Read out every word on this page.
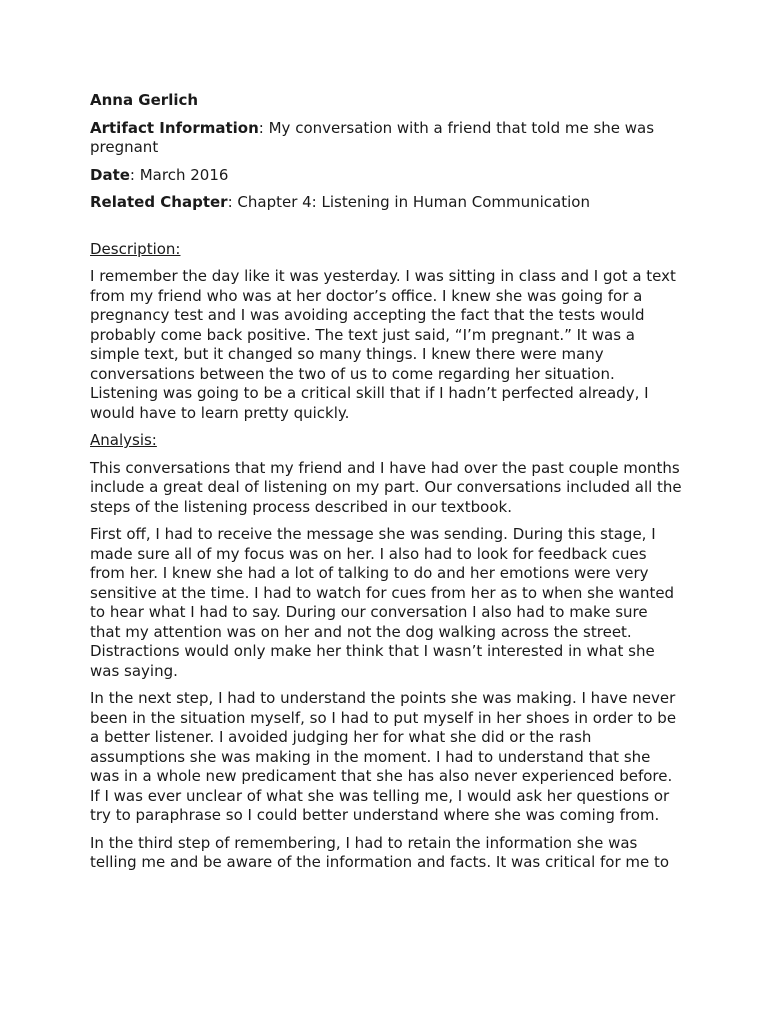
Anna Gerlich

Artifact Information: My conversation with a friend that told me she was pregnant

Date: March 2016

Related Chapter: Chapter 4: Listening in Human Communication

Description:

I remember the day like it was yesterday. I was sitting in class and I got a text from my friend who was at her doctor’s office. I knew she was going for a pregnancy test and I was avoiding accepting the fact that the tests would probably come back positive. The text just said, “I’m pregnant.” It was a simple text, but it changed so many things. I knew there were many conversations between the two of us to come regarding her situation. Listening was going to be a critical skill that if I hadn’t perfected already, I would have to learn pretty quickly.

Analysis:

This conversations that my friend and I have had over the past couple months include a great deal of listening on my part. Our conversations included all the steps of the listening process described in our textbook.

First off, I had to receive the message she was sending. During this stage, I made sure all of my focus was on her. I also had to look for feedback cues from her. I knew she had a lot of talking to do and her emotions were very sensitive at the time. I had to watch for cues from her as to when she wanted to hear what I had to say. During our conversation I also had to make sure that my attention was on her and not the dog walking across the street. Distractions would only make her think that I wasn’t interested in what she was saying.

In the next step, I had to understand the points she was making. I have never been in the situation myself, so I had to put myself in her shoes in order to be a better listener. I avoided judging her for what she did or the rash assumptions she was making in the moment. I had to understand that she was in a whole new predicament that she has also never experienced before. If I was ever unclear of what she was telling me, I would ask her questions or try to paraphrase so I could better understand where she was coming from.

In the third step of remembering, I had to retain the information she was telling me and be aware of the information and facts. It was critical for me to
